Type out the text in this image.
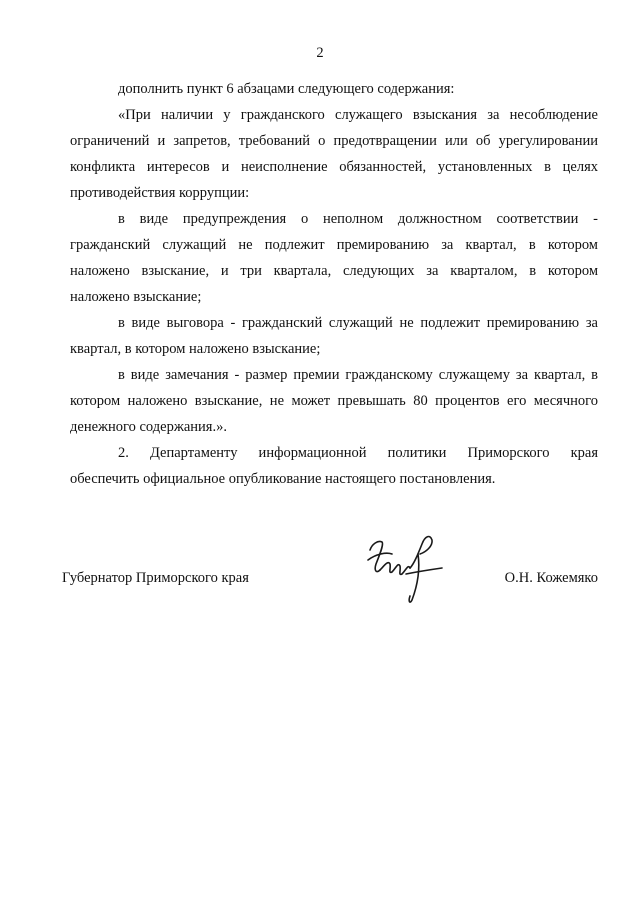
2

дополнить пункт 6 абзацами следующего содержания:

«При наличии у гражданского служащего взыскания за несоблюдение
ограничений и запретов, требований о предотвращении или об урегулировании
конфликта интересов и неисполнение обязанностей, установленных в целях
противодействия коррупции:

в виде предупреждения о неполном должностном соответствии -
гражданский служащий не подлежит премированию за квартал, в котором
наложено взыскание, и три квартала, следующих за кварталом, в котором
наложено взыскание;

в виде выговора - гражданский служащий не подлежит премированию за
квартал, в котором наложено взыскание;

в виде замечания - размер премии гражданскому служащему за квартал, в
котором наложено взыскание, не может превышать 80 процентов его месячного
денежного содержания.».

2. Департаменту информационной политики Приморского края
обеспечить официальное опубликование настоящего постановления.

Губернатор Приморского края	О.Н. Кожемяко
